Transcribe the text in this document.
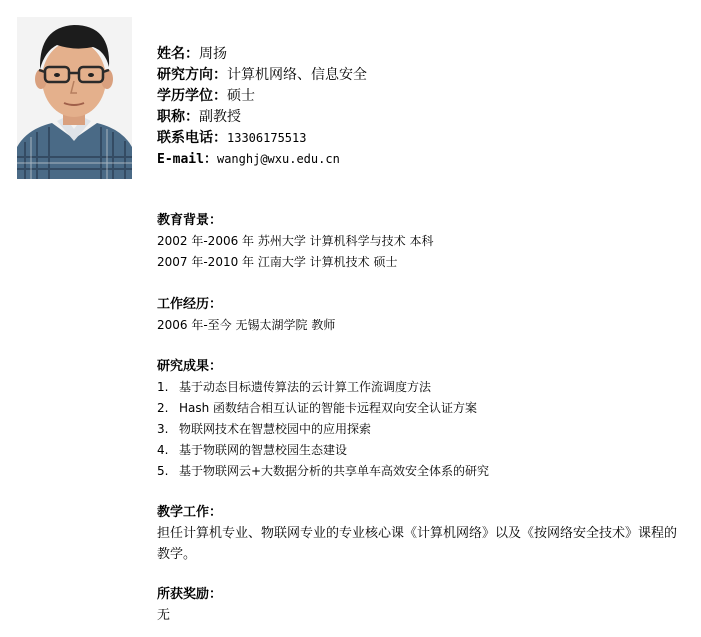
姓名：周扬
研究方向：计算机网络、信息安全
学历学位：硕士
职称：副教授
联系电话：13306175513
E-mail：wanghj@wxu.edu.cn
教育背景：
2002 年-2006 年 苏州大学 计算机科学与技术 本科
2007 年-2010 年 江南大学 计算机技术 硕士
工作经历：
2006 年-至今 无锡太湖学院 教师
研究成果：
1. 基于动态目标遗传算法的云计算工作流调度方法
2. Hash 函数结合相互认证的智能卡远程双向安全认证方案
3. 物联网技术在智慧校园中的应用探索
4. 基于物联网的智慧校园生态建设
5. 基于物联网云+大数据分析的共享单车高效安全体系的研究
教学工作：
担任计算机专业、物联网专业的专业核心课《计算机网络》以及《按网络安全技术》课程的教学。
所获奖励：
无
